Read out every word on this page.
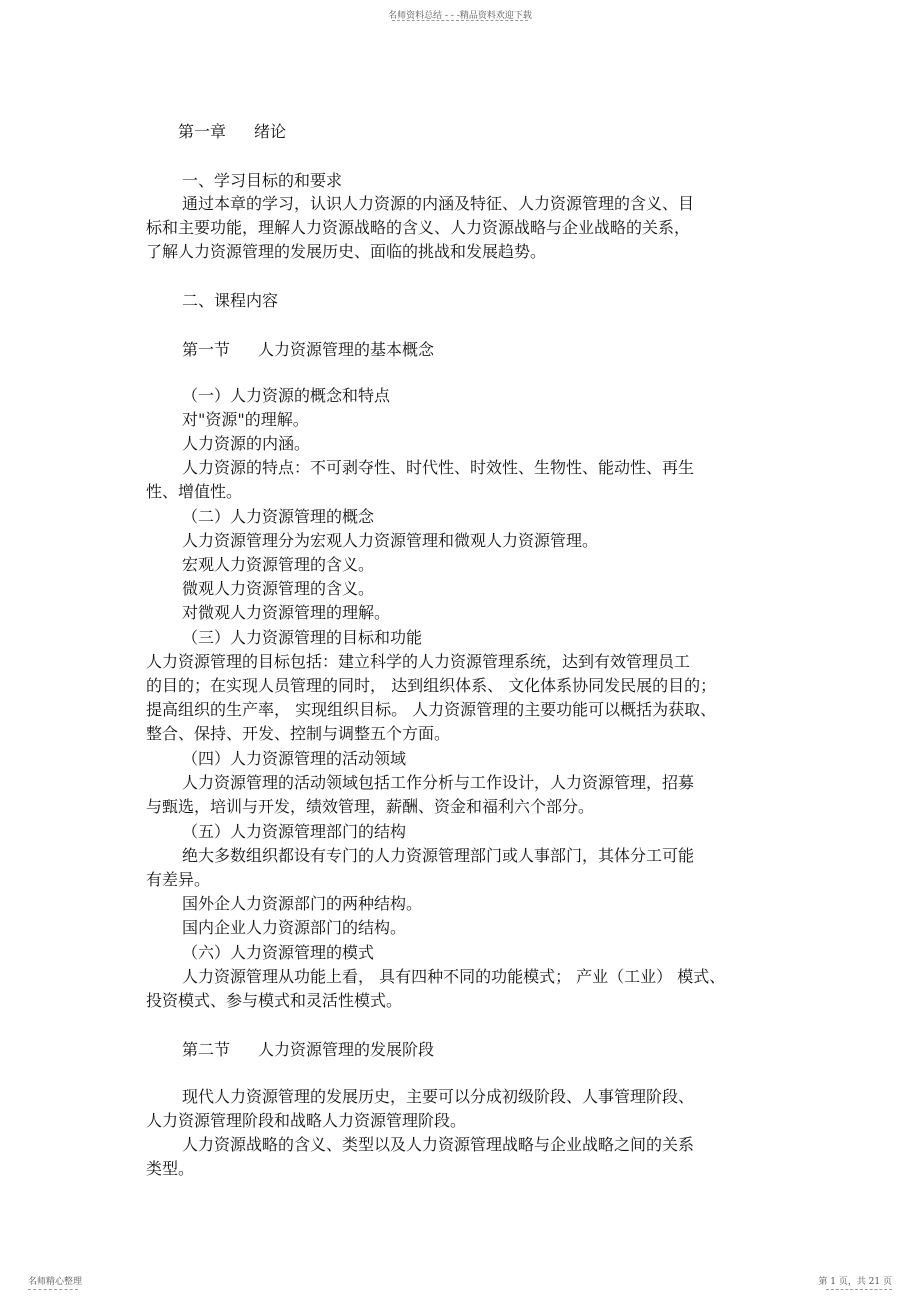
名师资料总结 - - -精品资料欢迎下载
第一章 绪论
一、学习目标的和要求
通过本章的学习，认识人力资源的内涵及特征、人力资源管理的含义、目
标和主要功能，理解人力资源战略的含义、人力资源战略与企业战略的关系，
了解人力资源管理的发展历史、面临的挑战和发展趋势。
二、课程内容
第一节 人力资源管理的基本概念
（一）人力资源的概念和特点
对"资源"的理解。
人力资源的内涵。
人力资源的特点：不可剥夺性、时代性、时效性、生物性、能动性、再生
性、增值性。
（二）人力资源管理的概念
人力资源管理分为宏观人力资源管理和微观人力资源管理。
宏观人力资源管理的含义。
微观人力资源管理的含义。
对微观人力资源管理的理解。
（三）人力资源管理的目标和功能
人力资源管理的目标包括：建立科学的人力资源管理系统，达到有效管理员工
的目的；在实现人员管理的同时， 达到组织体系、 文化体系协同发民展的目的；
提高组织的生产率， 实现组织目标。 人力资源管理的主要功能可以概括为获取、
整合、保持、开发、控制与调整五个方面。
（四）人力资源管理的活动领域
人力资源管理的活动领域包括工作分析与工作设计，人力资源管理，招募
与甄选，培训与开发，绩效管理，薪酬、资金和福利六个部分。
（五）人力资源管理部门的结构
绝大多数组织都设有专门的人力资源管理部门或人事部门，其体分工可能
有差异。
国外企人力资源部门的两种结构。
国内企业人力资源部门的结构。
（六）人力资源管理的模式
人力资源管理从功能上看， 具有四种不同的功能模式； 产业（工业） 模式、
投资模式、参与模式和灵活性模式。
第二节 人力资源管理的发展阶段
现代人力资源管理的发展历史，主要可以分成初级阶段、人事管理阶段、
人力资源管理阶段和战略人力资源管理阶段。
人力资源战略的含义、类型以及人力资源管理战略与企业战略之间的关系
类型。
名师精心整理	第 1 页，共 21 页
